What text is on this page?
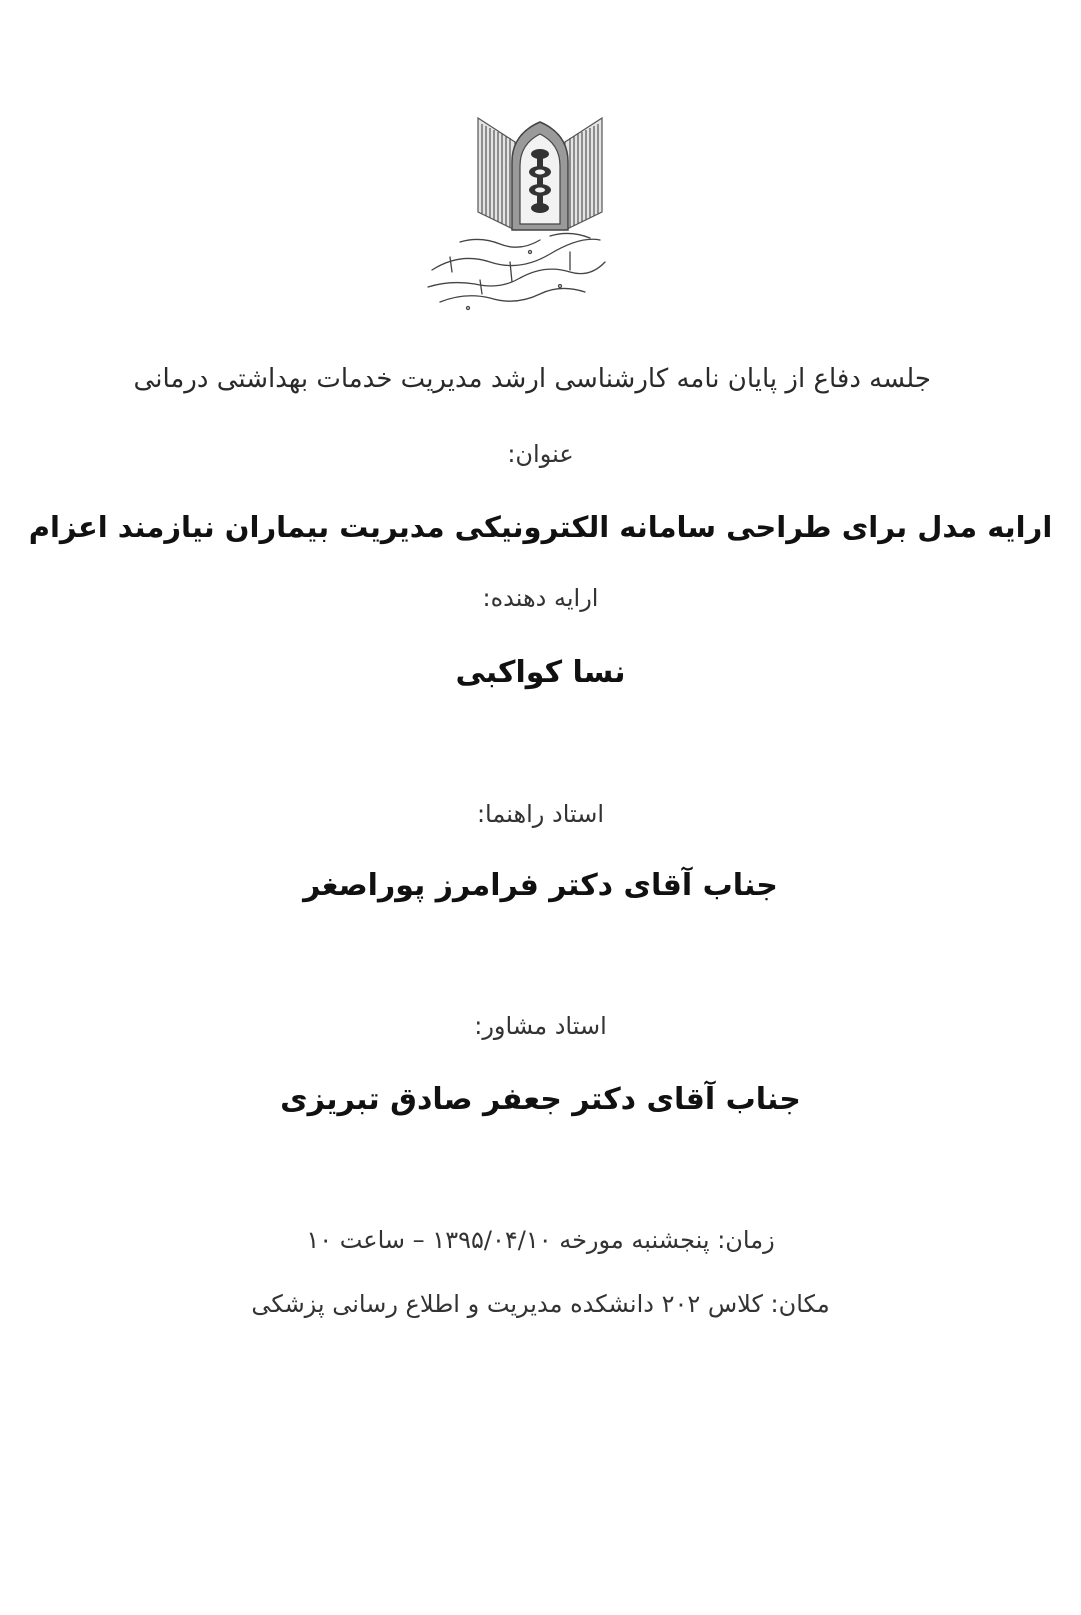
جلسه دفاع از پایان نامه کارشناسی ارشد مدیریت خدمات بهداشتی درمانی
عنوان:
ارایه مدل برای طراحی سامانه الکترونیکی مدیریت بیماران نیازمند اعزام
ارایه دهنده:
نسا کواکبی
استاد راهنما:
جناب آقای دکتر فرامرز پوراصغر
استاد مشاور:
جناب آقای دکتر جعفر صادق تبریزی
زمان: پنجشنبه مورخه ۱۳۹۵/۰۴/۱۰ – ساعت ۱۰
مکان: کلاس ۲۰۲ دانشکده مدیریت و اطلاع رسانی پزشکی
